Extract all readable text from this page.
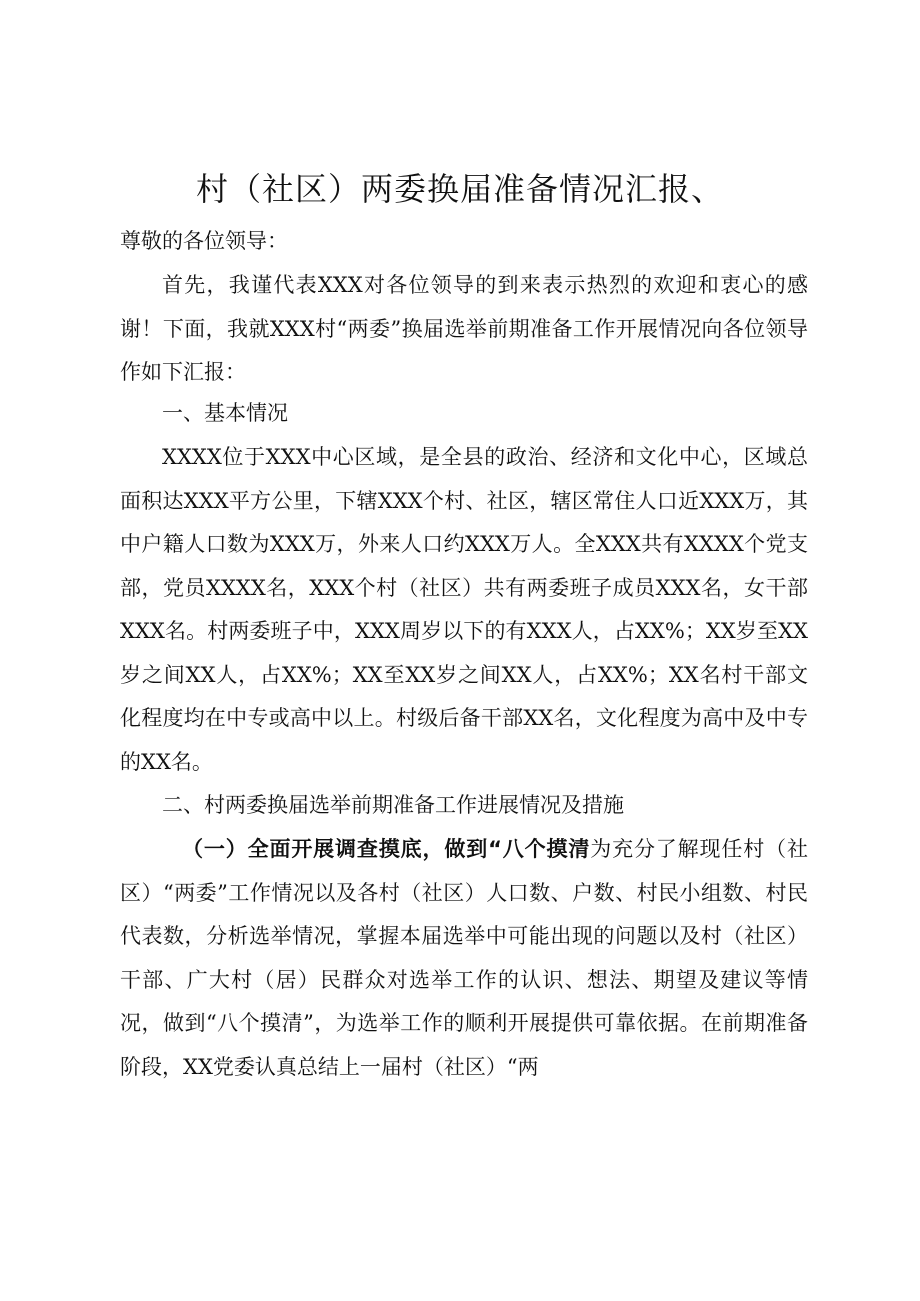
村（社区）两委换届准备情况汇报、

尊敬的各位领导：

首先，我谨代表XXX对各位领导的到来表示热烈的欢迎和衷心的感谢！下面，我就XXX村“两委”换届选举前期准备工作开展情况向各位领导作如下汇报：

一、基本情况

XXXX位于XXX中心区域，是全县的政治、经济和文化中心，区域总面积达XXX平方公里，下辖XXX个村、社区，辖区常住人口近XXX万，其中户籍人口数为XXX万，外来人口约XXX万人。全XXX共有XXXX个党支部，党员XXXX名，XXX个村（社区）共有两委班子成员XXX名，女干部XXX名。村两委班子中，XXX周岁以下的有XXX人，占XX%；XX岁至XX岁之间XX人，占XX%；XX至XX岁之间XX人，占XX%；XX名村干部文化程度均在中专或高中以上。村级后备干部XX名，文化程度为高中及中专的XX名。

二、村两委换届选举前期准备工作进展情况及措施

（一）全面开展调查摸底，做到“八个摸清为充分了解现任村（社区）“两委”工作情况以及各村（社区）人口数、户数、村民小组数、村民代表数，分析选举情况，掌握本届选举中可能出现的问题以及村（社区）干部、广大村（居）民群众对选举工作的认识、想法、期望及建议等情况，做到“八个摸清”，为选举工作的顺利开展提供可靠依据。在前期准备阶段，XX党委认真总结上一届村（社区）“两
